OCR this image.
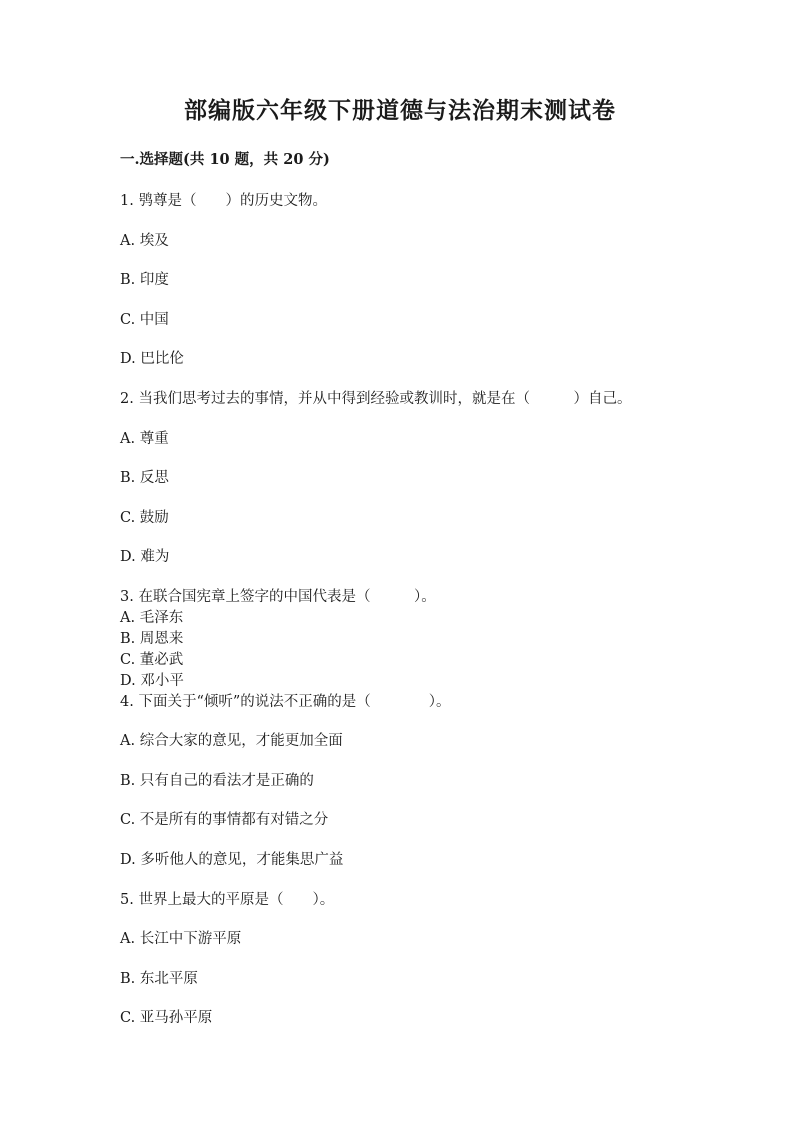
部编版六年级下册道德与法治期末测试卷
一.选择题(共 10 题，共 20 分)
1. 鸮尊是（　　）的历史文物。
A. 埃及
B. 印度
C. 中国
D. 巴比伦
2. 当我们思考过去的事情，并从中得到经验或教训时，就是在（　　　）自己。
A. 尊重
B. 反思
C. 鼓励
D. 难为
3. 在联合国宪章上签字的中国代表是（　　　）。
A. 毛泽东
B. 周恩来
C. 董必武
D. 邓小平
4. 下面关于“倾听”的说法不正确的是（　　　　）。
A. 综合大家的意见，才能更加全面
B. 只有自己的看法才是正确的
C. 不是所有的事情都有对错之分
D. 多听他人的意见，才能集思广益
5. 世界上最大的平原是（　　）。
A. 长江中下游平原
B. 东北平原
C. 亚马孙平原
